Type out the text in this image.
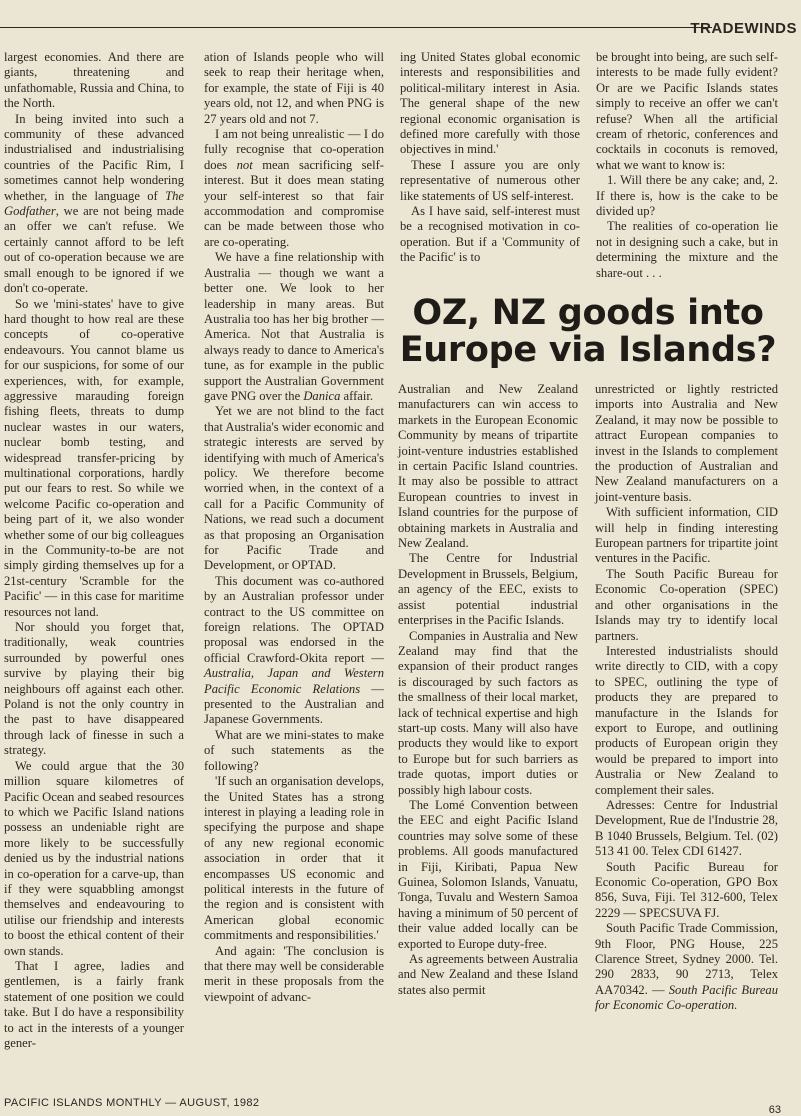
TRADEWINDS

largest economies. And there are giants, threatening and unfathomable, Russia and China, to the North.

In being invited into such a community of these advanced industrialised and industrialising countries of the Pacific Rim, I sometimes cannot help wondering whether, in the language of The Godfather, we are not being made an offer we can't refuse. We certainly cannot afford to be left out of co-operation because we are small enough to be ignored if we don't co-operate.

So we 'mini-states' have to give hard thought to how real are these concepts of co-operative endeavours. You cannot blame us for our suspicions, for some of our experiences, with, for example, aggressive marauding foreign fishing fleets, threats to dump nuclear wastes in our waters, nuclear bomb testing, and widespread transfer-pricing by multinational corporations, hardly put our fears to rest. So while we welcome Pacific co-operation and being part of it, we also wonder whether some of our big colleagues in the Community-to-be are not simply girding themselves up for a 21st-century 'Scramble for the Pacific' — in this case for maritime resources not land.

Nor should you forget that, traditionally, weak countries surrounded by powerful ones survive by playing their big neighbours off against each other. Poland is not the only country in the past to have disappeared through lack of finesse in such a strategy.

We could argue that the 30 million square kilometres of Pacific Ocean and seabed resources to which we Pacific Island nations possess an undeniable right are more likely to be successfully denied us by the industrial nations in co-operation for a carve-up, than if they were squabbling amongst themselves and endeavouring to utilise our friendship and interests to boost the ethical content of their own stands.

That I agree, ladies and gentlemen, is a fairly frank statement of one position we could take. But I do have a responsibility to act in the interests of a younger gener-

ation of Islands people who will seek to reap their heritage when, for example, the state of Fiji is 40 years old, not 12, and when PNG is 27 years old and not 7.

I am not being unrealistic — I do fully recognise that co-operation does not mean sacrificing self-interest. But it does mean stating your self-interest so that fair accommodation and compromise can be made between those who are co-operating.

We have a fine relationship with Australia — though we want a better one. We look to her leadership in many areas. But Australia too has her big brother — America. Not that Australia is always ready to dance to America's tune, as for example in the public support the Australian Government gave PNG over the Danica affair.

Yet we are not blind to the fact that Australia's wider economic and strategic interests are served by identifying with much of America's policy. We therefore become worried when, in the context of a call for a Pacific Community of Nations, we read such a document as that proposing an Organisation for Pacific Trade and Development, or OPTAD.

This document was co-authored by an Australian professor under contract to the US committee on foreign relations. The OPTAD proposal was endorsed in the official Crawford-Okita report — Australia, Japan and Western Pacific Economic Relations — presented to the Australian and Japanese Governments.

What are we mini-states to make of such statements as the following?

'If such an organisation develops, the United States has a strong interest in playing a leading role in specifying the purpose and shape of any new regional economic association in order that it encompasses US economic and political interests in the future of the region and is consistent with American global economic commitments and responsibilities.'

And again: 'The conclusion is that there may well be considerable merit in these proposals from the viewpoint of advanc-

ing United States global economic interests and responsibilities and political-military interest in Asia. The general shape of the new regional economic organisation is defined more carefully with those objectives in mind.'

These I assure you are only representative of numerous other like statements of US self-interest.

As I have said, self-interest must be a recognised motivation in co-operation. But if a 'Community of the Pacific' is to

be brought into being, are such self-interests to be made fully evident? Or are we Pacific Islands states simply to receive an offer we can't refuse? When all the artificial cream of rhetoric, conferences and cocktails in coconuts is removed, what we want to know is:

1. Will there be any cake; and, 2. If there is, how is the cake to be divided up?

The realities of co-operation lie not in designing such a cake, but in determining the mixture and the share-out . . .

OZ, NZ goods into
Europe via Islands?

Australian and New Zealand manufacturers can win access to markets in the European Economic Community by means of tripartite joint-venture industries established in certain Pacific Island countries. It may also be possible to attract European countries to invest in Island countries for the purpose of obtaining markets in Australia and New Zealand.

The Centre for Industrial Development in Brussels, Belgium, an agency of the EEC, exists to assist potential industrial enterprises in the Pacific Islands.

Companies in Australia and New Zealand may find that the expansion of their product ranges is discouraged by such factors as the smallness of their local market, lack of technical expertise and high start-up costs. Many will also have products they would like to export to Europe but for such barriers as trade quotas, import duties or possibly high labour costs.

The Lomé Convention between the EEC and eight Pacific Island countries may solve some of these problems. All goods manufactured in Fiji, Kiribati, Papua New Guinea, Solomon Islands, Vanuatu, Tonga, Tuvalu and Western Samoa having a minimum of 50 percent of their value added locally can be exported to Europe duty-free.

As agreements between Australia and New Zealand and these Island states also permit

unrestricted or lightly restricted imports into Australia and New Zealand, it may now be possible to attract European companies to invest in the Islands to complement the production of Australian and New Zealand manufacturers on a joint-venture basis.

With sufficient information, CID will help in finding interesting European partners for tripartite joint ventures in the Pacific.

The South Pacific Bureau for Economic Co-operation (SPEC) and other organisations in the Islands may try to identify local partners.

Interested industrialists should write directly to CID, with a copy to SPEC, outlining the type of products they are prepared to manufacture in the Islands for export to Europe, and outlining products of European origin they would be prepared to import into Australia or New Zealand to complement their sales.

Adresses: Centre for Industrial Development, Rue de l'Industrie 28, B 1040 Brussels, Belgium. Tel. (02) 513 41 00. Telex CDI 61427.

South Pacific Bureau for Economic Co-operation, GPO Box 856, Suva, Fiji. Tel 312-600, Telex 2229 — SPECSUVA FJ.

South Pacific Trade Commission, 9th Floor, PNG House, 225 Clarence Street, Sydney 2000. Tel. 290 2833, 90 2713, Telex AA70342. — South Pacific Bureau for Economic Co-operation.

PACIFIC ISLANDS MONTHLY — AUGUST, 1982
63
